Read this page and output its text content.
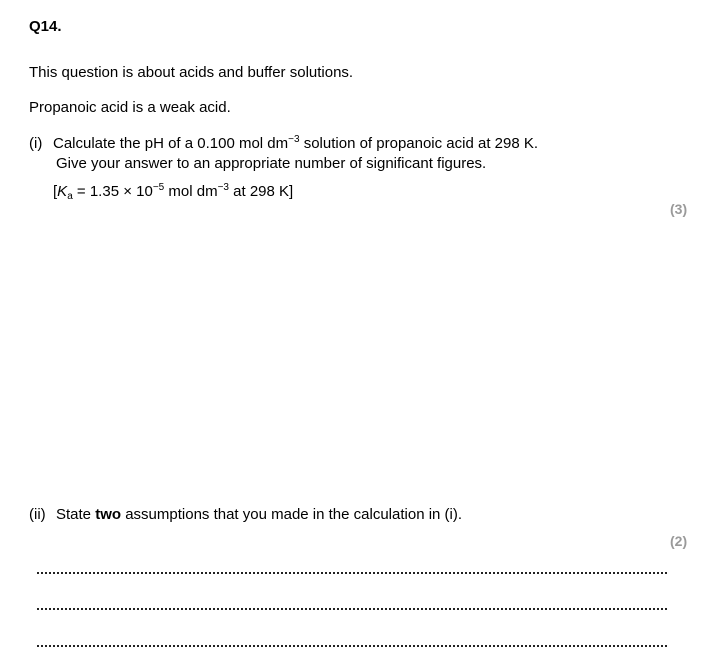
Q14.
This question is about acids and buffer solutions.
Propanoic acid is a weak acid.
(i) Calculate the pH of a 0.100 mol $dm^{-3}$ solution of propanoic acid at 298 K.
Give your answer to an appropriate number of significant figures.
[$K_a = 1.35 \times 10^{-5}$ mol $dm^{-3}$ at 298 K]
(3)
(ii) State two assumptions that you made in the calculation in (i).
(2)
